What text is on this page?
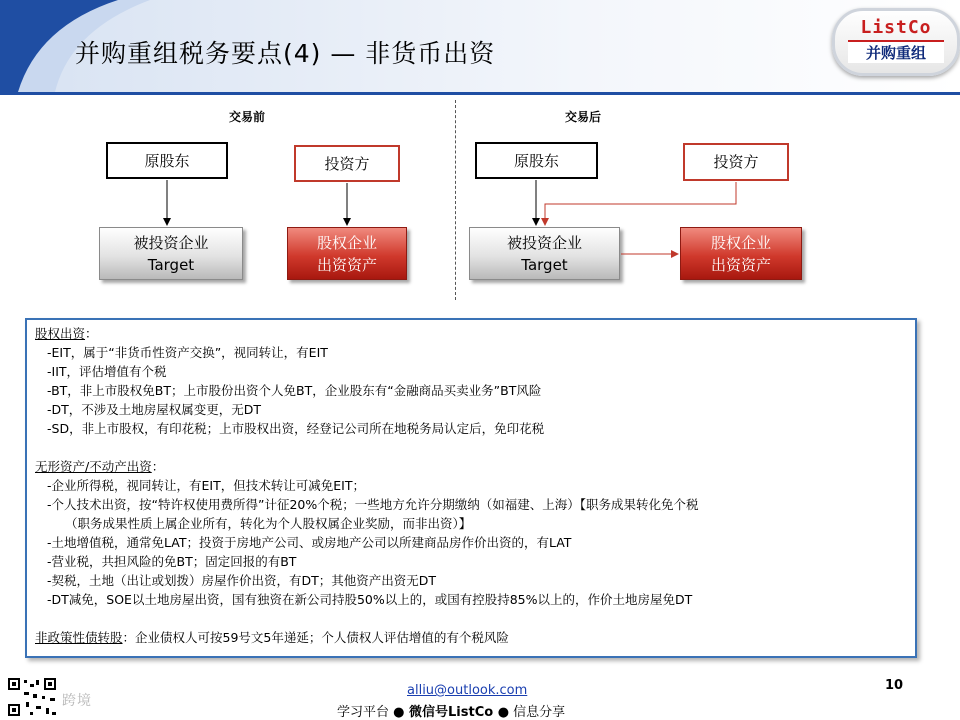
并购重组税务要点(4) — 非货币出资
ListCo
并购重组
交易前
原股东	投资方
被投资企业
Target
股权企业
出资资产
交易后
原股东	投资方
被投资企业
Target
股权企业
出资资产
股权出资：
-EIT，属于“非货币性资产交换”，视同转让，有EIT
-IIT，评估增值有个税
-BT，非上市股权免BT；上市股份出资个人免BT，企业股东有“金融商品买卖业务”BT风险
-DT，不涉及土地房屋权属变更，无DT
-SD，非上市股权，有印花税；上市股权出资，经登记公司所在地税务局认定后，免印花税
无形资产/不动产出资：
-企业所得税，视同转让，有EIT，但技术转让可减免EIT；
-个人技术出资，按“特许权使用费所得”计征20%个税；一些地方允许分期缴纳（如福建、上海）【职务成果转化免个税
（职务成果性质上属企业所有，转化为个人股权属企业奖励，而非出资）】
-土地增值税，通常免LAT；投资于房地产公司、或房地产公司以所建商品房作价出资的，有LAT
-营业税，共担风险的免BT；固定回报的有BT
-契税，土地（出让或划拨）房屋作价出资，有DT；其他资产出资无DT
-DT减免，SOE以土地房屋出资，国有独资在新公司持股50%以上的，或国有控股持85%以上的，作价土地房屋免DT
非政策性债转股：企业债权人可按59号文5年递延；个人债权人评估增值的有个税风险
跨境
alliu@outlook.com
学习平台 ● 微信号ListCo ● 信息分享
10
